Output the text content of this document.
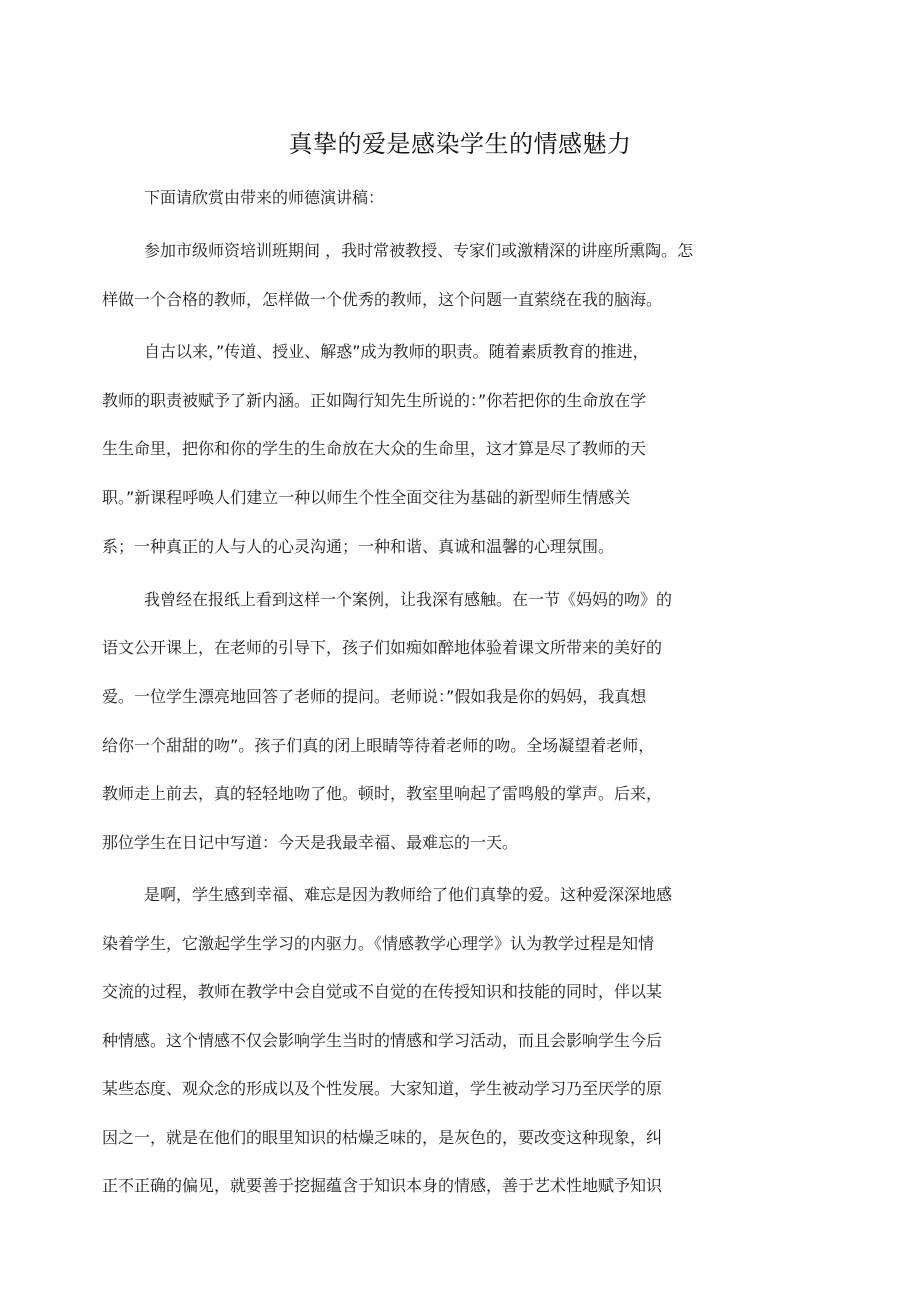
真挚的爱是感染学生的情感魅力
下面请欣赏由带来的师德演讲稿：
参加市级师资培训班期间 ，我时常被教授、专家们或激精深的讲座所熏陶。怎
样做一个合格的教师，怎样做一个优秀的教师，这个问题一直萦绕在我的脑海。
自古以来，”传道、授业、解惑”成为教师的职责。随着素质教育的推进，
教师的职责被赋予了新内涵。正如陶行知先生所说的：”你若把你的生命放在学
生生命里，把你和你的学生的生命放在大众的生命里，这才算是尽了教师的天
职。”新课程呼唤人们建立一种以师生个性全面交往为基础的新型师生情感关
系；一种真正的人与人的心灵沟通；一种和谐、真诚和温馨的心理氛围。
我曾经在报纸上看到这样一个案例，让我深有感触。在一节《妈妈的吻》的
语文公开课上，在老师的引导下，孩子们如痴如醉地体验着课文所带来的美好的
爱。一位学生漂亮地回答了老师的提问。老师说：”假如我是你的妈妈，我真想
给你一个甜甜的吻”。孩子们真的闭上眼睛等待着老师的吻。全场凝望着老师，
教师走上前去，真的轻轻地吻了他。顿时，教室里响起了雷鸣般的掌声。后来，
那位学生在日记中写道：今天是我最幸福、最难忘的一天。
是啊，学生感到幸福、难忘是因为教师给了他们真挚的爱。这种爱深深地感
染着学生，它激起学生学习的内驱力。《情感教学心理学》认为教学过程是知情
交流的过程，教师在教学中会自觉或不自觉的在传授知识和技能的同时，伴以某
种情感。这个情感不仅会影响学生当时的情感和学习活动，而且会影响学生今后
某些态度、观众念的形成以及个性发展。大家知道，学生被动学习乃至厌学的原
因之一，就是在他们的眼里知识的枯燥乏味的，是灰色的，要改变这种现象，纠
正不正确的偏见，就要善于挖掘蕴含于知识本身的情感，善于艺术性地赋予知识
